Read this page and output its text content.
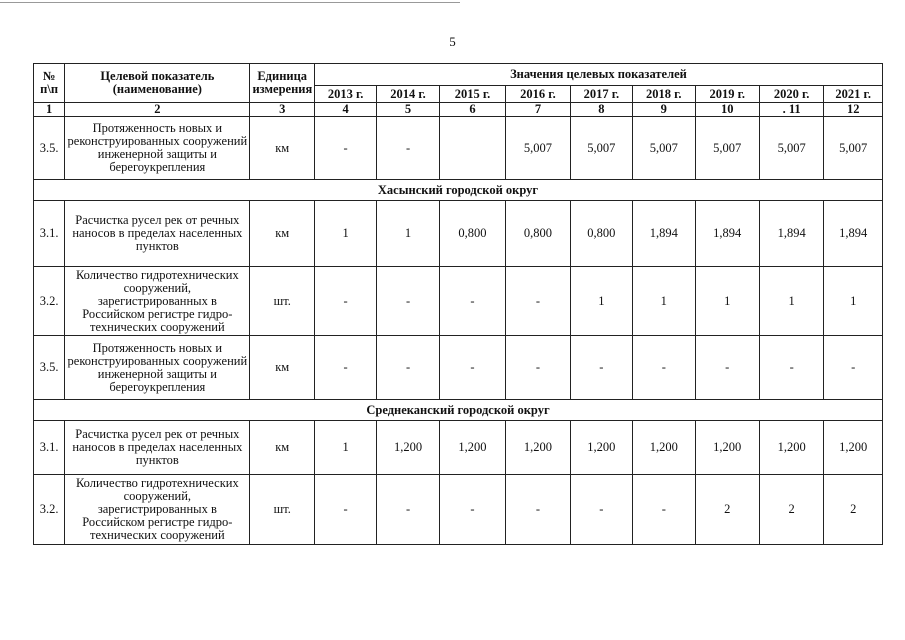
5
№ п\п	Целевой показатель (наименование)	Единица измерения	Значения целевых показателей								
			2013 г.	2014 г.	2015 г.	2016 г.	2017 г.	2018 г.	2019 г.	2020 г.	2021 г.
1	2	3	4	5	6	7	8	9	10	. 11	12
3.5.	Протяженность новых и реконструированных сооружений инженерной защиты и берегоукрепления	км	-	-		5,007	5,007	5,007	5,007	5,007	5,007
Хасынский городской округ											
3.1.	Расчистка русел рек от речных наносов в пределах населенных пунктов	км	1	1	0,800	0,800	0,800	1,894	1,894	1,894	1,894
3.2.	Количество гидротехнических сооружений, зарегистрированных в Российском регистре гидро-технических сооружений	шт.	-	-	-	-	1	1	1	1	1
3.5.	Протяженность новых и реконструированных сооружений инженерной защиты и берегоукрепления	км	-	-	-	-	-	-	-	-	-
Среднеканский городской округ											
3.1.	Расчистка русел рек от речных наносов в пределах населенных пунктов	км	1	1,200	1,200	1,200	1,200	1,200	1,200	1,200	1,200
3.2.	Количество гидротехнических сооружений, зарегистрированных в Российском регистре гидро-технических сооружений	шт.	-	-	-	-	-	-	2	2	2
